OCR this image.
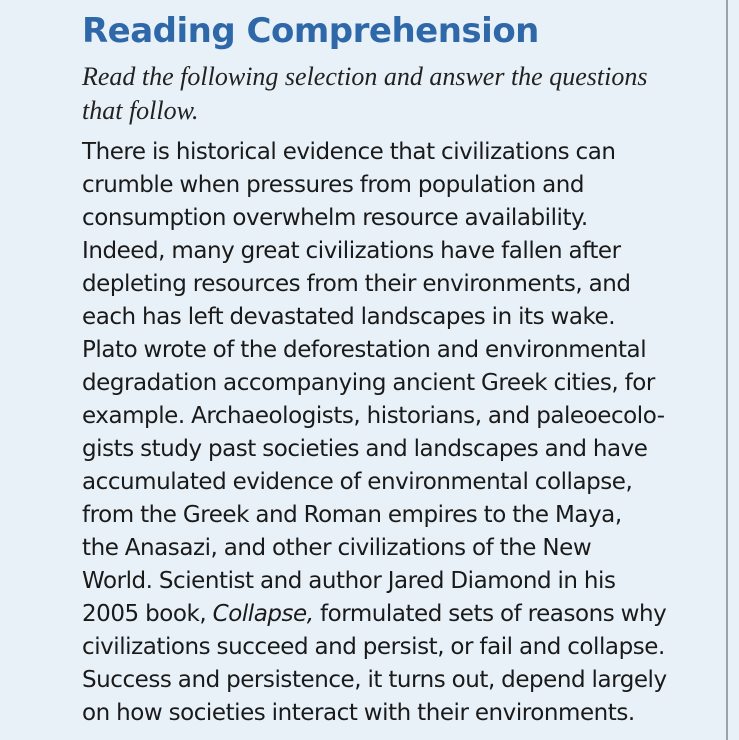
Reading Comprehension

Read the following selection and answer the questions
that follow.

There is historical evidence that civilizations can
crumble when pressures from population and
consumption overwhelm resource availability.
Indeed, many great civilizations have fallen after
depleting resources from their environments, and
each has left devastated landscapes in its wake.
Plato wrote of the deforestation and environmental
degradation accompanying ancient Greek cities, for
example. Archaeologists, historians, and paleoecolo-
gists study past societies and landscapes and have
accumulated evidence of environmental collapse,
from the Greek and Roman empires to the Maya,
the Anasazi, and other civilizations of the New
World. Scientist and author Jared Diamond in his
2005 book, Collapse, formulated sets of reasons why
civilizations succeed and persist, or fail and collapse.
Success and persistence, it turns out, depend largely
on how societies interact with their environments.
